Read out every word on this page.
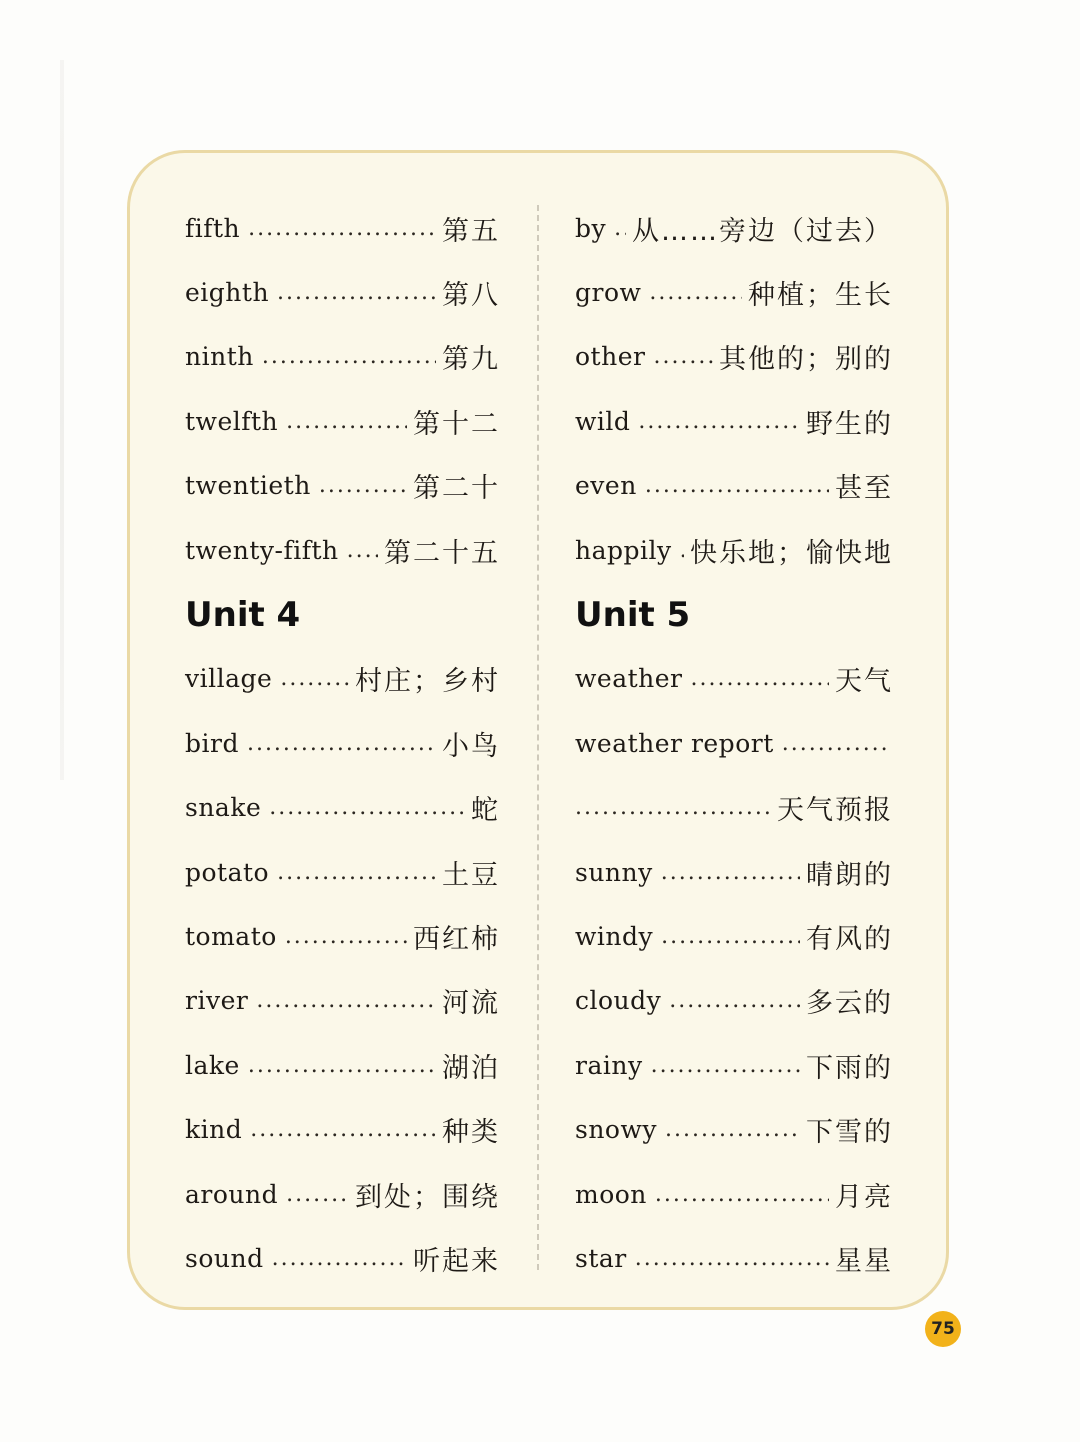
fifth .....	第五
eighth .....	第八
ninth .....	第九
twelfth .....	第十二
twentieth .....	第二十
twenty-fifth ..... 第二十五
Unit 4
village .....	村庄；乡村
bird .....	小鸟
snake .....	蛇
potato .....	土豆
tomato .....	西红柿
river .....	河流
lake .....	湖泊
kind .....	种类
around .....	到处；围绕
sound .....	听起来
by ..... 从……旁边（过去）
grow .....	种植；生长
other .....	其他的；别的
wild .....	野生的
even .....	甚至
happily ..... 快乐地；愉快地
Unit 5
weather .....	天气
weather report
.....
.....
天气预报
sunny .....	晴朗的
windy .....	有风的
cloudy .....	多云的
rainy .....	下雨的
snowy .....	下雪的
moon .....	月亮
star .....	星星
75
